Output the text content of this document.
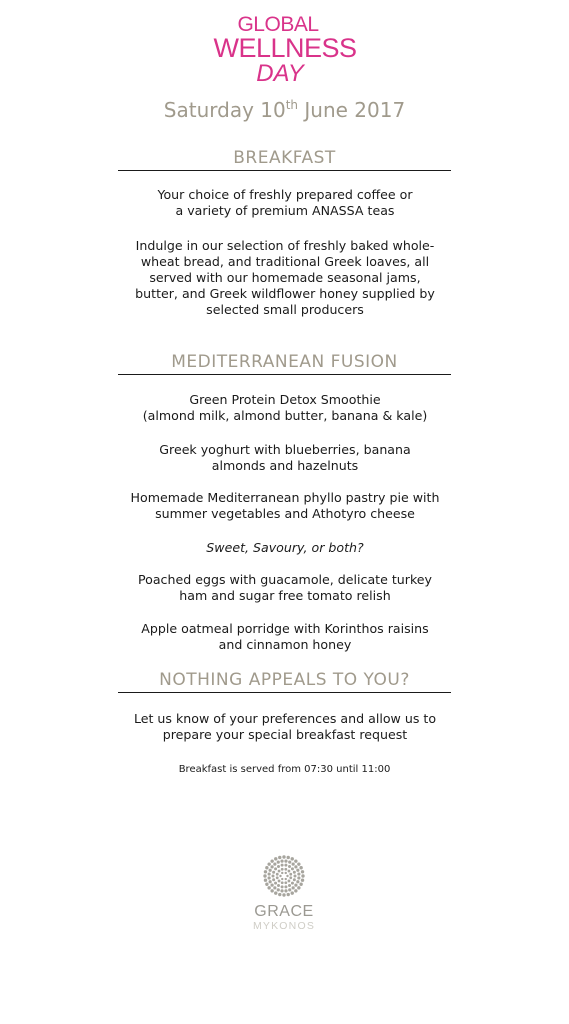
GLOBAL
WELLNESS
DAY
Saturday 10th June 2017
BREAKFAST

Your choice of freshly prepared coffee or

a variety of premium ANASSA teas

Indulge in our selection of freshly baked whole-

wheat bread, and traditional Greek loaves, all

served with our homemade seasonal jams,

butter, and Greek wildflower honey supplied by

selected small producers

MEDITERRANEAN FUSION

Green Protein Detox Smoothie

(almond milk, almond butter, banana & kale)

Greek yoghurt with blueberries, banana

almonds and hazelnuts

Homemade Mediterranean phyllo pastry pie with

summer vegetables and Athotyro cheese

Sweet, Savoury, or both?

Poached eggs with guacamole, delicate turkey

ham and sugar free tomato relish

Apple oatmeal porridge with Korinthos raisins

and cinnamon honey

NOTHING APPEALS TO YOU?

Let us know of your preferences and allow us to

prepare your special breakfast request

Breakfast is served from 07:30 until 11:00
GRACE
MYKONOS
